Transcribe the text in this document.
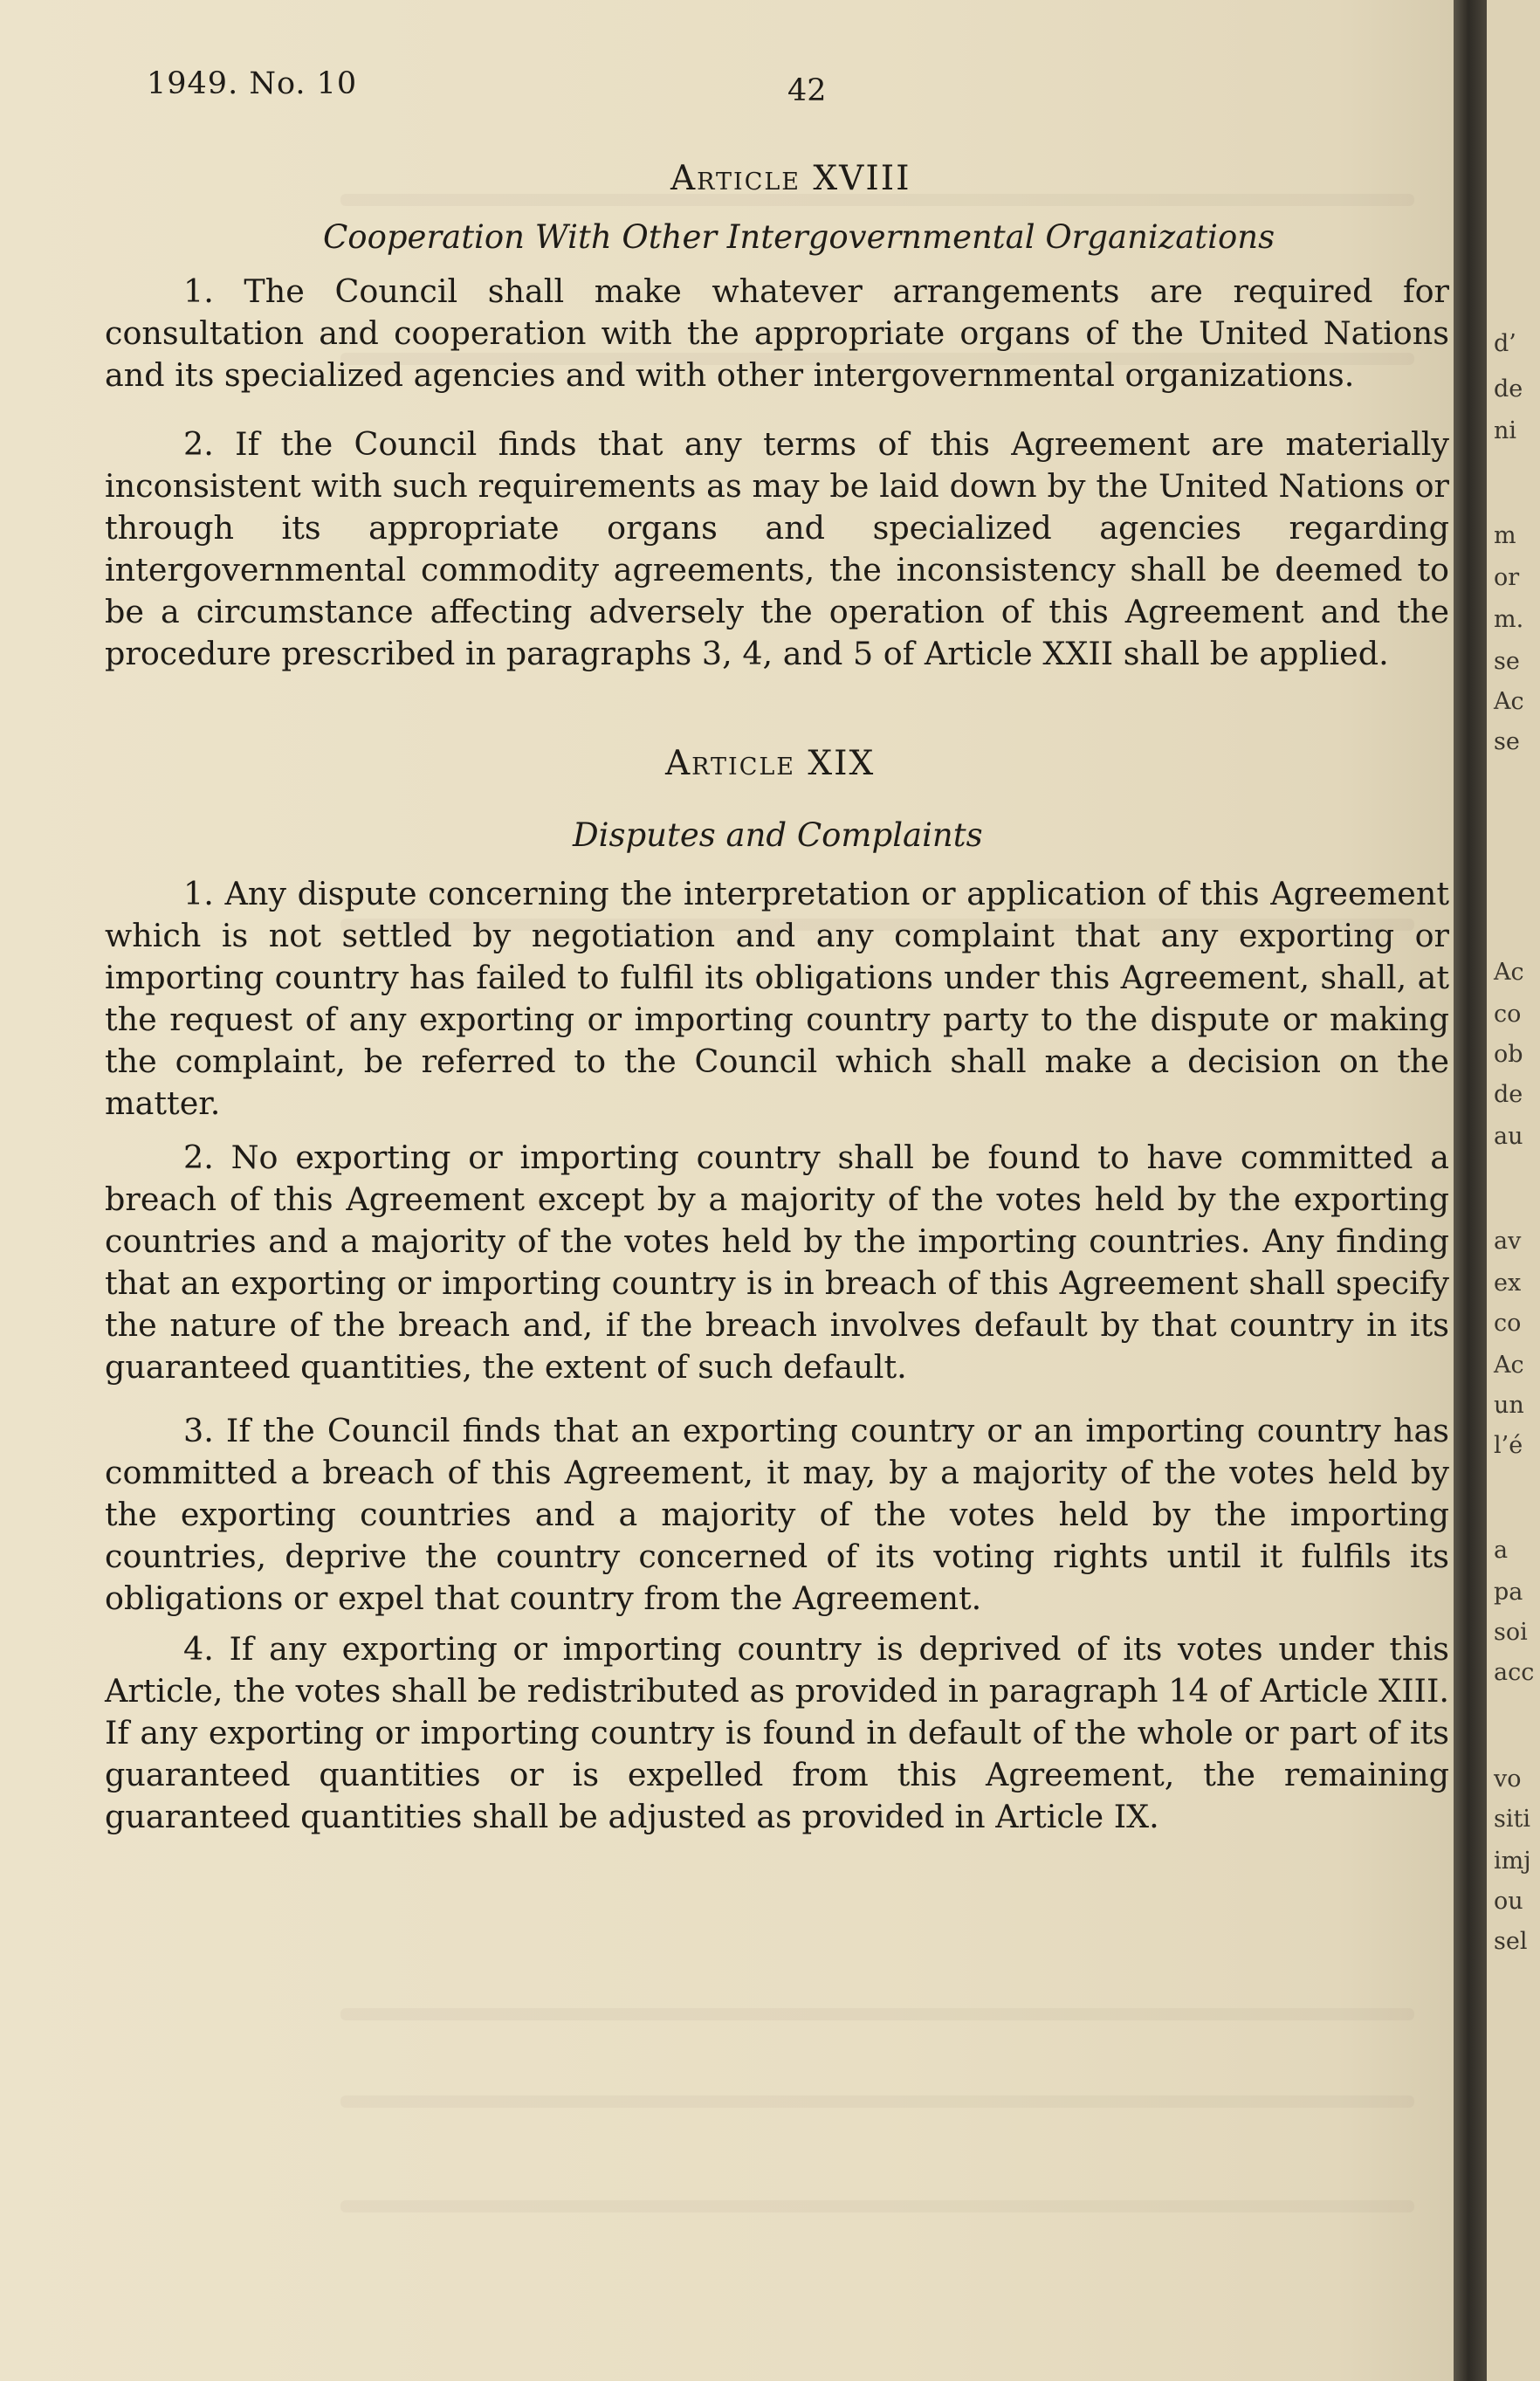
1949. No. 10	42
Article XVIII
Cooperation With Other Intergovernmental Organizations

1. The Council shall make whatever arrangements are required for consultation and cooperation with the appropriate organs of the United Nations and its specialized agencies and with other intergovernmental organizations.

2. If the Council finds that any terms of this Agreement are materially inconsistent with such requirements as may be laid down by the United Nations or through its appropriate organs and specialized agencies regarding intergovernmental commodity agreements, the inconsistency shall be deemed to be a circumstance affecting adversely the operation of this Agreement and the procedure prescribed in paragraphs 3, 4, and 5 of Article XXII shall be applied.

Article XIX
Disputes and Complaints

1. Any dispute concerning the interpretation or application of this Agreement which is not settled by negotiation and any complaint that any exporting or importing country has failed to fulfil its obligations under this Agreement, shall, at the request of any exporting or importing country party to the dispute or making the complaint, be referred to the Council which shall make a decision on the matter.

2. No exporting or importing country shall be found to have committed a breach of this Agreement except by a majority of the votes held by the exporting countries and a majority of the votes held by the importing countries. Any finding that an exporting or importing country is in breach of this Agreement shall specify the nature of the breach and, if the breach involves default by that country in its guaranteed quantities, the extent of such default.

3. If the Council finds that an exporting country or an importing country has committed a breach of this Agreement, it may, by a majority of the votes held by the exporting countries and a majority of the votes held by the importing countries, deprive the country concerned of its voting rights until it fulfils its obligations or expel that country from the Agreement.

4. If any exporting or importing country is deprived of its votes under this Article, the votes shall be redistributed as provided in paragraph 14 of Article XIII. If any exporting or importing country is found in default of the whole or part of its guaranteed quantities or is expelled from this Agreement, the remaining guaranteed quantities shall be adjusted as provided in Article IX.

d’
de
ni
m
or
m.
se
Ac
se
Ac
co
ob
de
au
av
ex
co
Ac
un
l’é
a
pa
soi
acc
vo
siti
imj
ou
sel
